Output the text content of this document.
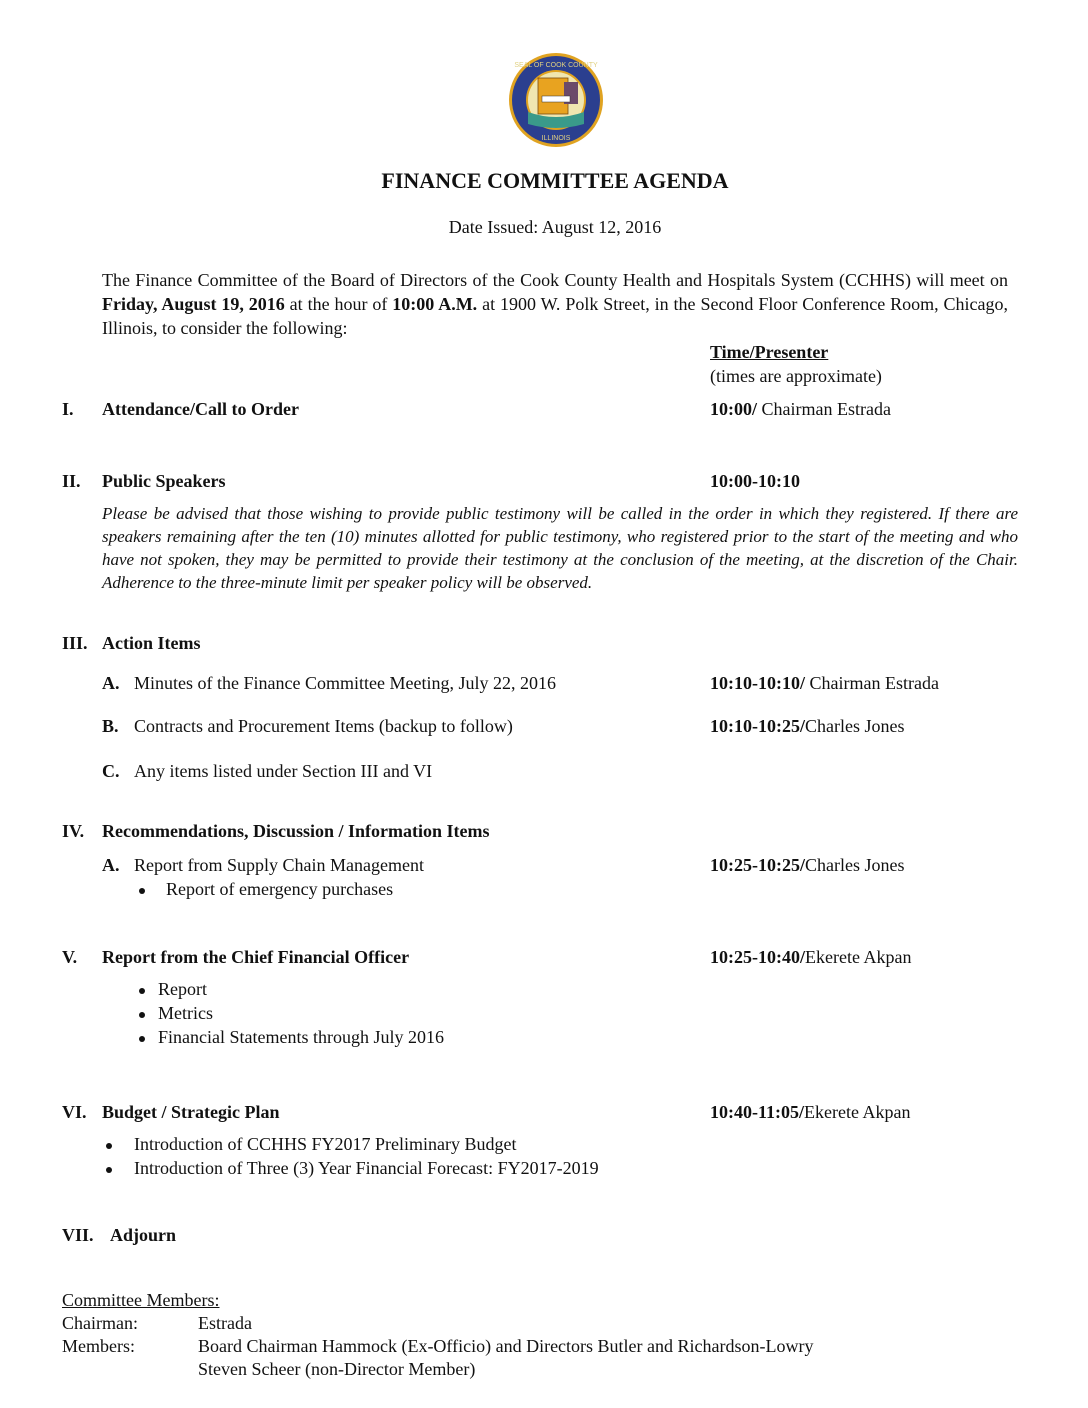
SEAL OF COOK COUNTY
ILLINOIS
FINANCE COMMITTEE AGENDA
Date Issued: August 12, 2016
The Finance Committee of the Board of Directors of the Cook County Health and Hospitals System (CCHHS) will meet on Friday, August 19, 2016 at the hour of 10:00 A.M. at 1900 W. Polk Street, in the Second Floor Conference Room, Chicago, Illinois, to consider the following:
Time/Presenter
(times are approximate)
I. Attendance/Call to Order	10:00/ Chairman Estrada
II. Public Speakers	10:00-10:10
Please be advised that those wishing to provide public testimony will be called in the order in which they registered. If there are speakers remaining after the ten (10) minutes allotted for public testimony, who registered prior to the start of the meeting and who have not spoken, they may be permitted to provide their testimony at the conclusion of the meeting, at the discretion of the Chair. Adherence to the three-minute limit per speaker policy will be observed.
III. Action Items
A. Minutes of the Finance Committee Meeting, July 22, 2016	10:10-10:10/ Chairman Estrada
B. Contracts and Procurement Items (backup to follow)	10:10-10:25/Charles Jones
C. Any items listed under Section III and VI
IV. Recommendations, Discussion / Information Items
A. Report from Supply Chain Management	10:25-10:25/Charles Jones
Report of emergency purchases
V. Report from the Chief Financial Officer	10:25-10:40/Ekerete Akpan
Report
Metrics
Financial Statements through July 2016
VI. Budget / Strategic Plan	10:40-11:05/Ekerete Akpan
Introduction of CCHHS FY2017 Preliminary Budget
Introduction of Three (3) Year Financial Forecast: FY2017-2019
VII. Adjourn
Committee Members:
Chairman:	Estrada
Members:	Board Chairman Hammock (Ex-Officio) and Directors Butler and Richardson-Lowry
Steven Scheer (non-Director Member)
